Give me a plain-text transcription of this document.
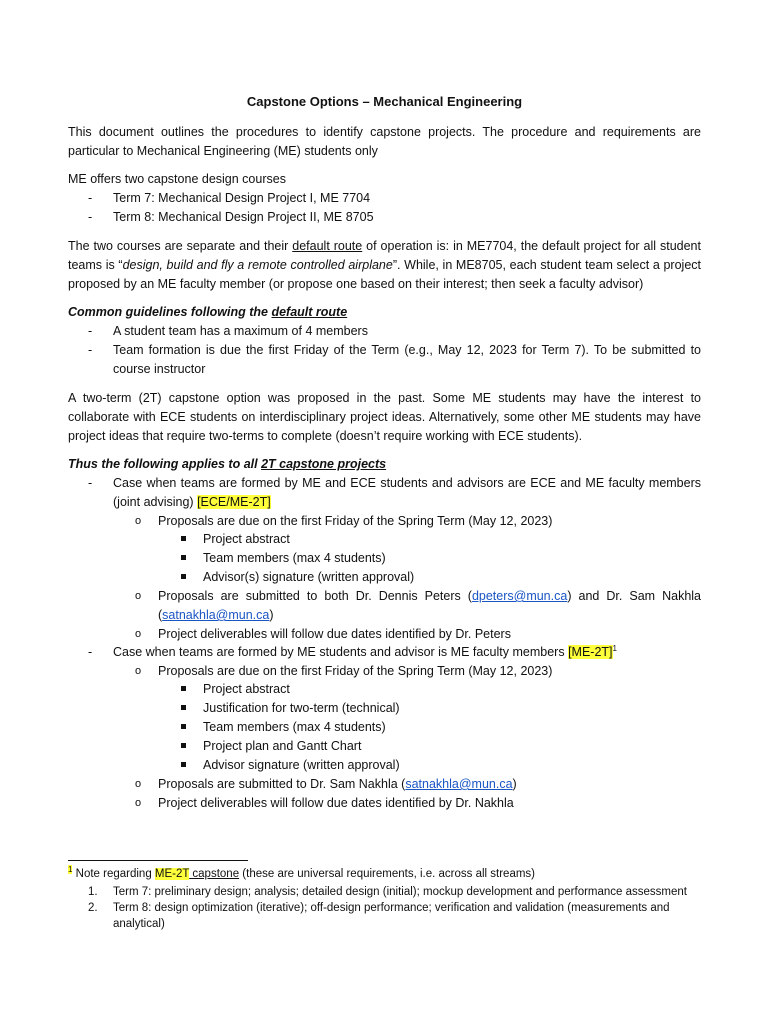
Capstone Options – Mechanical Engineering
This document outlines the procedures to identify capstone projects. The procedure and requirements are particular to Mechanical Engineering (ME) students only
ME offers two capstone design courses
- Term 7: Mechanical Design Project I, ME 7704
- Term 8: Mechanical Design Project II, ME 8705
The two courses are separate and their default route of operation is: in ME7704, the default project for all student teams is “design, build and fly a remote controlled airplane”. While, in ME8705, each student team select a project proposed by an ME faculty member (or propose one based on their interest; then seek a faculty advisor)
Common guidelines following the default route
- A student team has a maximum of 4 members
- Team formation is due the first Friday of the Term (e.g., May 12, 2023 for Term 7). To be submitted to course instructor
A two-term (2T) capstone option was proposed in the past. Some ME students may have the interest to collaborate with ECE students on interdisciplinary project ideas. Alternatively, some other ME students may have project ideas that require two-terms to complete (doesn’t require working with ECE students).
Thus the following applies to all 2T capstone projects
- Case when teams are formed by ME and ECE students and advisors are ECE and ME faculty members (joint advising) [ECE/ME-2T]
o Proposals are due on the first Friday of the Spring Term (May 12, 2023)
Project abstract
Team members (max 4 students)
Advisor(s) signature (written approval)
o Proposals are submitted to both Dr. Dennis Peters (dpeters@mun.ca) and Dr. Sam Nakhla (satnakhla@mun.ca)
o Project deliverables will follow due dates identified by Dr. Peters
- Case when teams are formed by ME students and advisor is ME faculty members $[ME-2T]^1$
o Proposals are due on the first Friday of the Spring Term (May 12, 2023)
Project abstract
Justification for two-term (technical)
Team members (max 4 students)
Project plan and Gantt Chart
Advisor signature (written approval)
o Proposals are submitted to Dr. Sam Nakhla (satnakhla@mun.ca)
o Project deliverables will follow due dates identified by Dr. Nakhla
$^1$ Note regarding ME-2T capstone (these are universal requirements, i.e. across all streams)
1. Term 7: preliminary design; analysis; detailed design (initial); mockup development and performance assessment
2. Term 8: design optimization (iterative); off-design performance; verification and validation (measurements and analytical)
